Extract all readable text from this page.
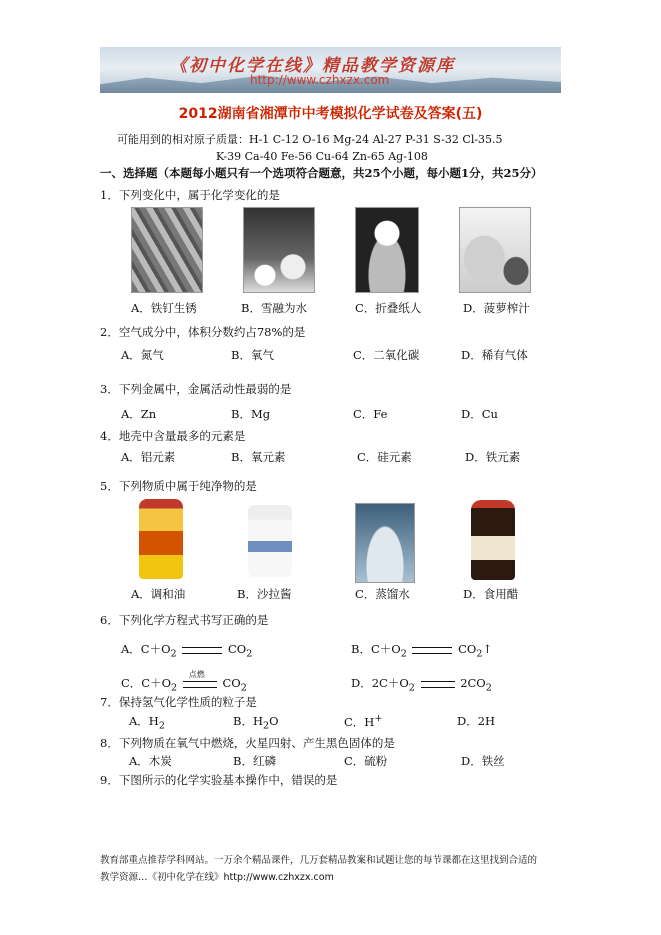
《初中化学在线》精品教学资源库
http://www.czhxzx.com
2012湖南省湘潭市中考模拟化学试卷及答案(五)
可能用到的相对原子质量：H-1 C-12 O-16 Mg-24 Al-27 P-31 S-32 Cl-35.5
K-39 Ca-40 Fe-56 Cu-64 Zn-65 Ag-108
一、选择题（本题每小题只有一个选项符合题意，共25个小题，每小题1分，共25分）
1．下列变化中，属于化学变化的是
A．铁钉生锈	B．雪融为水	C．折叠纸人	D．菠萝榨汁
2．空气成分中，体积分数约占78%的是
A．氮气	B．氧气	C．二氧化碳	D．稀有气体
3．下列金属中，金属活动性最弱的是
A．Zn	B．Mg	C．Fe	D．Cu
4．地壳中含量最多的元素是
A．铝元素	B．氧元素	C．硅元素	D．铁元素
5．下列物质中属于纯净物的是
A．调和油	B．沙拉酱	C．蒸馏水	D．食用醋
6．下列化学方程式书写正确的是
A．$C+O_2$	$CO_2$	B．$C+O_2$	$CO_2↑$
C．$C+O_2$
点燃
$CO_2$	D．$2C+O_2$	$2CO_2$
7．保持氢气化学性质的粒子是
A．$H_2$	B．$H_2O$	C．H+	D．2H
8．下列物质在氧气中燃烧，火星四射、产生黑色固体的是
A．木炭	B．红磷	C．硫粉	D．铁丝
9．下图所示的化学实验基本操作中，错误的是
教育部重点推荐学科网站。一万余个精品课件，几万套精品教案和试题让您的每节课都在这里找到合适的
教学资源…《初中化学在线》http://www.czhxzx.com
